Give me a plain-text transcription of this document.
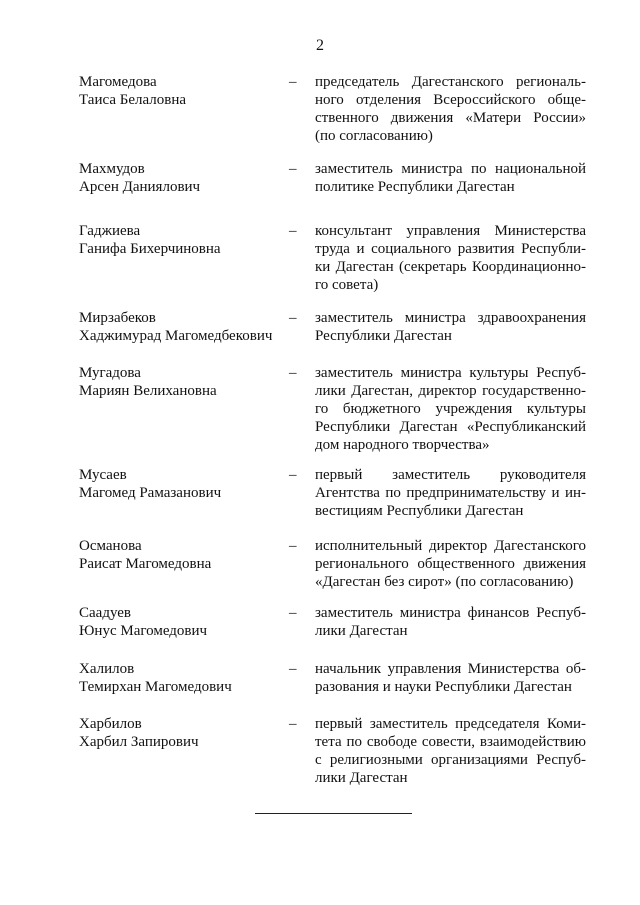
2
Магомедова
Таиса Белаловна
– председатель Дагестанского региональ-
ного отделения Всероссийского обще-
ственного движения «Матери России»
(по согласованию)
Махмудов
Арсен Даниялович
– заместитель министра по национальной
политике Республики Дагестан
Гаджиева
Ганифа Бихерчиновна
– консультант управления Министерства
труда и социального развития Республи-
ки Дагестан (секретарь Координационно-
го совета)
Мирзабеков
Хаджимурад Магомедбекович
– заместитель министра здравоохранения
Республики Дагестан
Мугадова
Мариян Велихановна
– заместитель министра культуры Респуб-
лики Дагестан, директор государственно-
го бюджетного учреждения культуры
Республики Дагестан «Республиканский
дом народного творчества»
Мусаев
Магомед Рамазанович
– первый заместитель руководителя
Агентства по предпринимательству и ин-
вестициям Республики Дагестан
Османова
Раисат Магомедовна
– исполнительный директор Дагестанского
регионального общественного движения
«Дагестан без сирот» (по согласованию)
Саадуев
Юнус Магомедович
– заместитель министра финансов Респуб-
лики Дагестан
Халилов
Темирхан Магомедович
– начальник управления Министерства об-
разования и науки Республики Дагестан
Харбилов
Харбил Запирович
– первый заместитель председателя Коми-
тета по свободе совести, взаимодействию
с религиозными организациями Респуб-
лики Дагестан
